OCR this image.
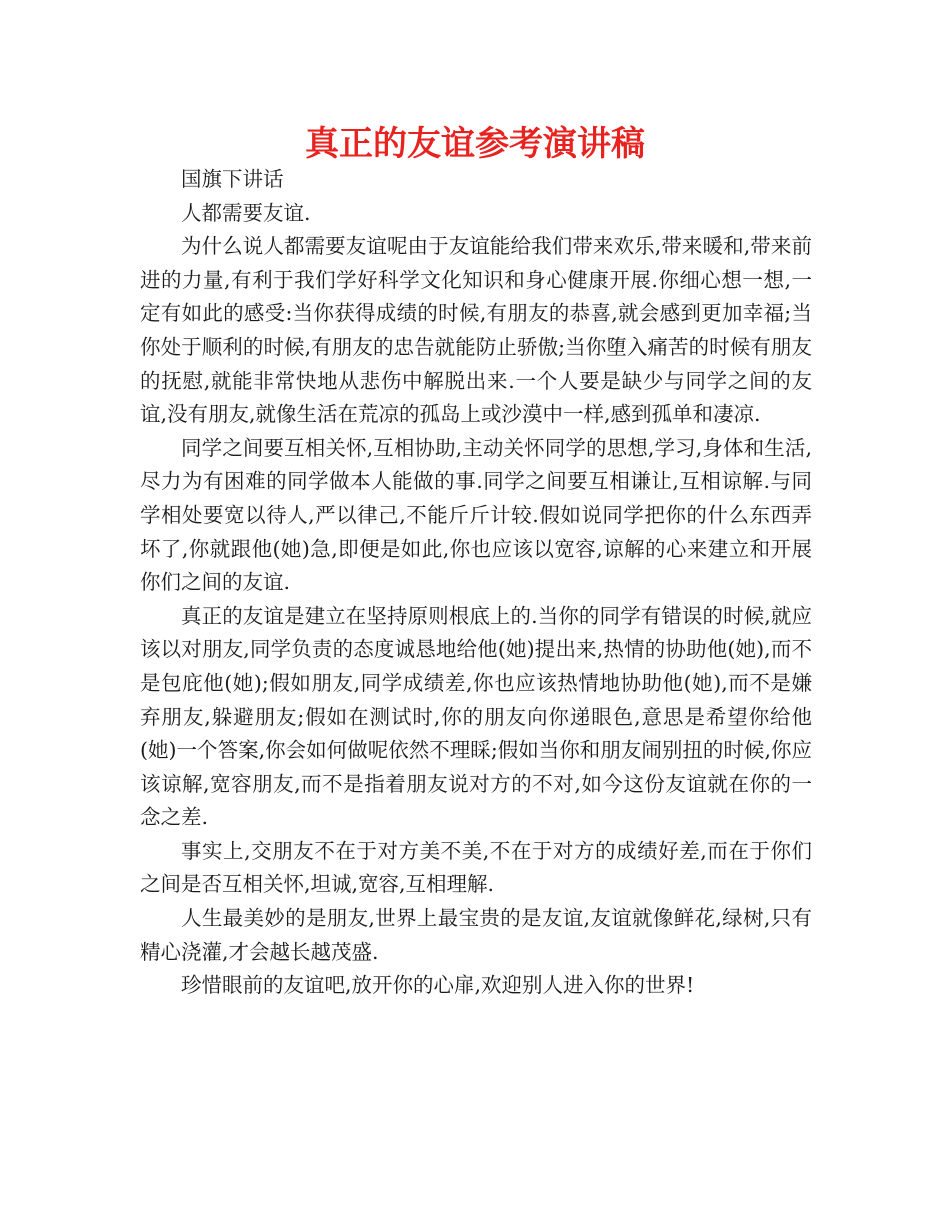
真正的友谊参考演讲稿

国旗下讲话

人都需要友谊.

为什么说人都需要友谊呢由于友谊能给我们带来欢乐,带来暖和,带来前进的力量,有利于我们学好科学文化知识和身心健康开展.你细心想一想,一定有如此的感受:当你获得成绩的时候,有朋友的恭喜,就会感到更加幸福;当你处于顺利的时候,有朋友的忠告就能防止骄傲;当你堕入痛苦的时候有朋友的抚慰,就能非常快地从悲伤中解脱出来.一个人要是缺少与同学之间的友谊,没有朋友,就像生活在荒凉的孤岛上或沙漠中一样,感到孤单和凄凉.

同学之间要互相关怀,互相协助,主动关怀同学的思想,学习,身体和生活,尽力为有困难的同学做本人能做的事.同学之间要互相谦让,互相谅解.与同学相处要宽以待人,严以律己,不能斤斤计较.假如说同学把你的什么东西弄坏了,你就跟他(她)急,即便是如此,你也应该以宽容,谅解的心来建立和开展你们之间的友谊.

真正的友谊是建立在坚持原则根底上的.当你的同学有错误的时候,就应该以对朋友,同学负责的态度诚恳地给他(她)提出来,热情的协助他(她),而不是包庇他(她);假如朋友,同学成绩差,你也应该热情地协助他(她),而不是嫌弃朋友,躲避朋友;假如在测试时,你的朋友向你递眼色,意思是希望你给他(她)一个答案,你会如何做呢依然不理睬;假如当你和朋友闹别扭的时候,你应该谅解,宽容朋友,而不是指着朋友说对方的不对,如今这份友谊就在你的一念之差.

事实上,交朋友不在于对方美不美,不在于对方的成绩好差,而在于你们之间是否互相关怀,坦诚,宽容,互相理解.

人生最美妙的是朋友,世界上最宝贵的是友谊,友谊就像鲜花,绿树,只有精心浇灌,才会越长越茂盛.

珍惜眼前的友谊吧,放开你的心扉,欢迎别人进入你的世界!
